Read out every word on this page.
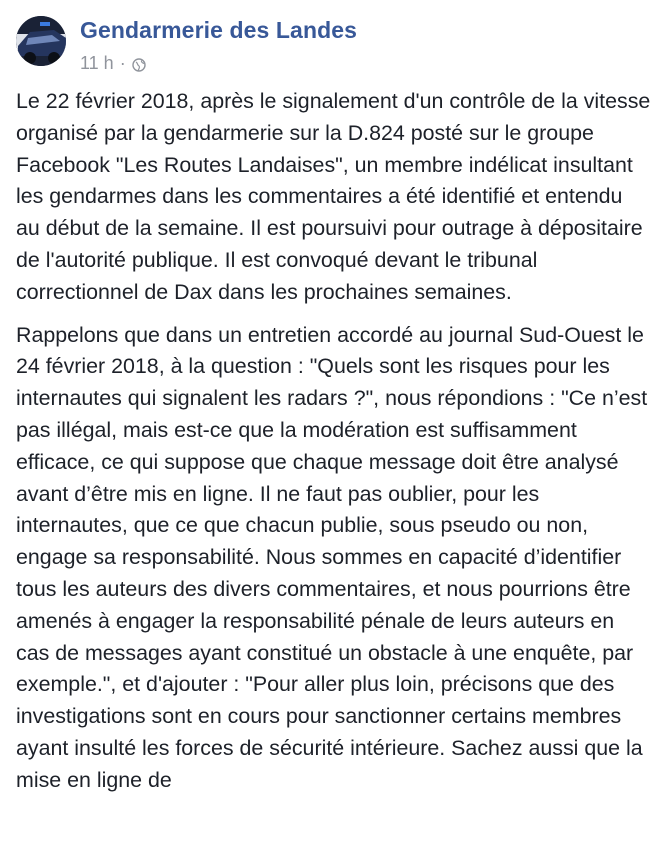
Gendarmerie des Landes
11 h ·

Le 22 février 2018, après le signalement d'un contrôle de la vitesse organisé par la gendarmerie sur la D.824 posté sur le groupe Facebook "Les Routes Landaises", un membre indélicat insultant les gendarmes dans les commentaires a été identifié et entendu au début de la semaine. Il est poursuivi pour outrage à dépositaire de l'autorité publique. Il est convoqué devant le tribunal correctionnel de Dax dans les prochaines semaines.

Rappelons que dans un entretien accordé au journal Sud-Ouest le 24 février 2018, à la question : "Quels sont les risques pour les internautes qui signalent les radars ?", nous répondions : "Ce n’est pas illégal, mais est-ce que la modération est suffisamment efficace, ce qui suppose que chaque message doit être analysé avant d’être mis en ligne. Il ne faut pas oublier, pour les internautes, que ce que chacun publie, sous pseudo ou non, engage sa responsabilité. Nous sommes en capacité d’identifier tous les auteurs des divers commentaires, et nous pourrions être amenés à engager la responsabilité pénale de leurs auteurs en cas de messages ayant constitué un obstacle à une enquête, par exemple.", et d'ajouter : "Pour aller plus loin, précisons que des investigations sont en cours pour sanctionner certains membres ayant insulté les forces de sécurité intérieure. Sachez aussi que la mise en ligne de
